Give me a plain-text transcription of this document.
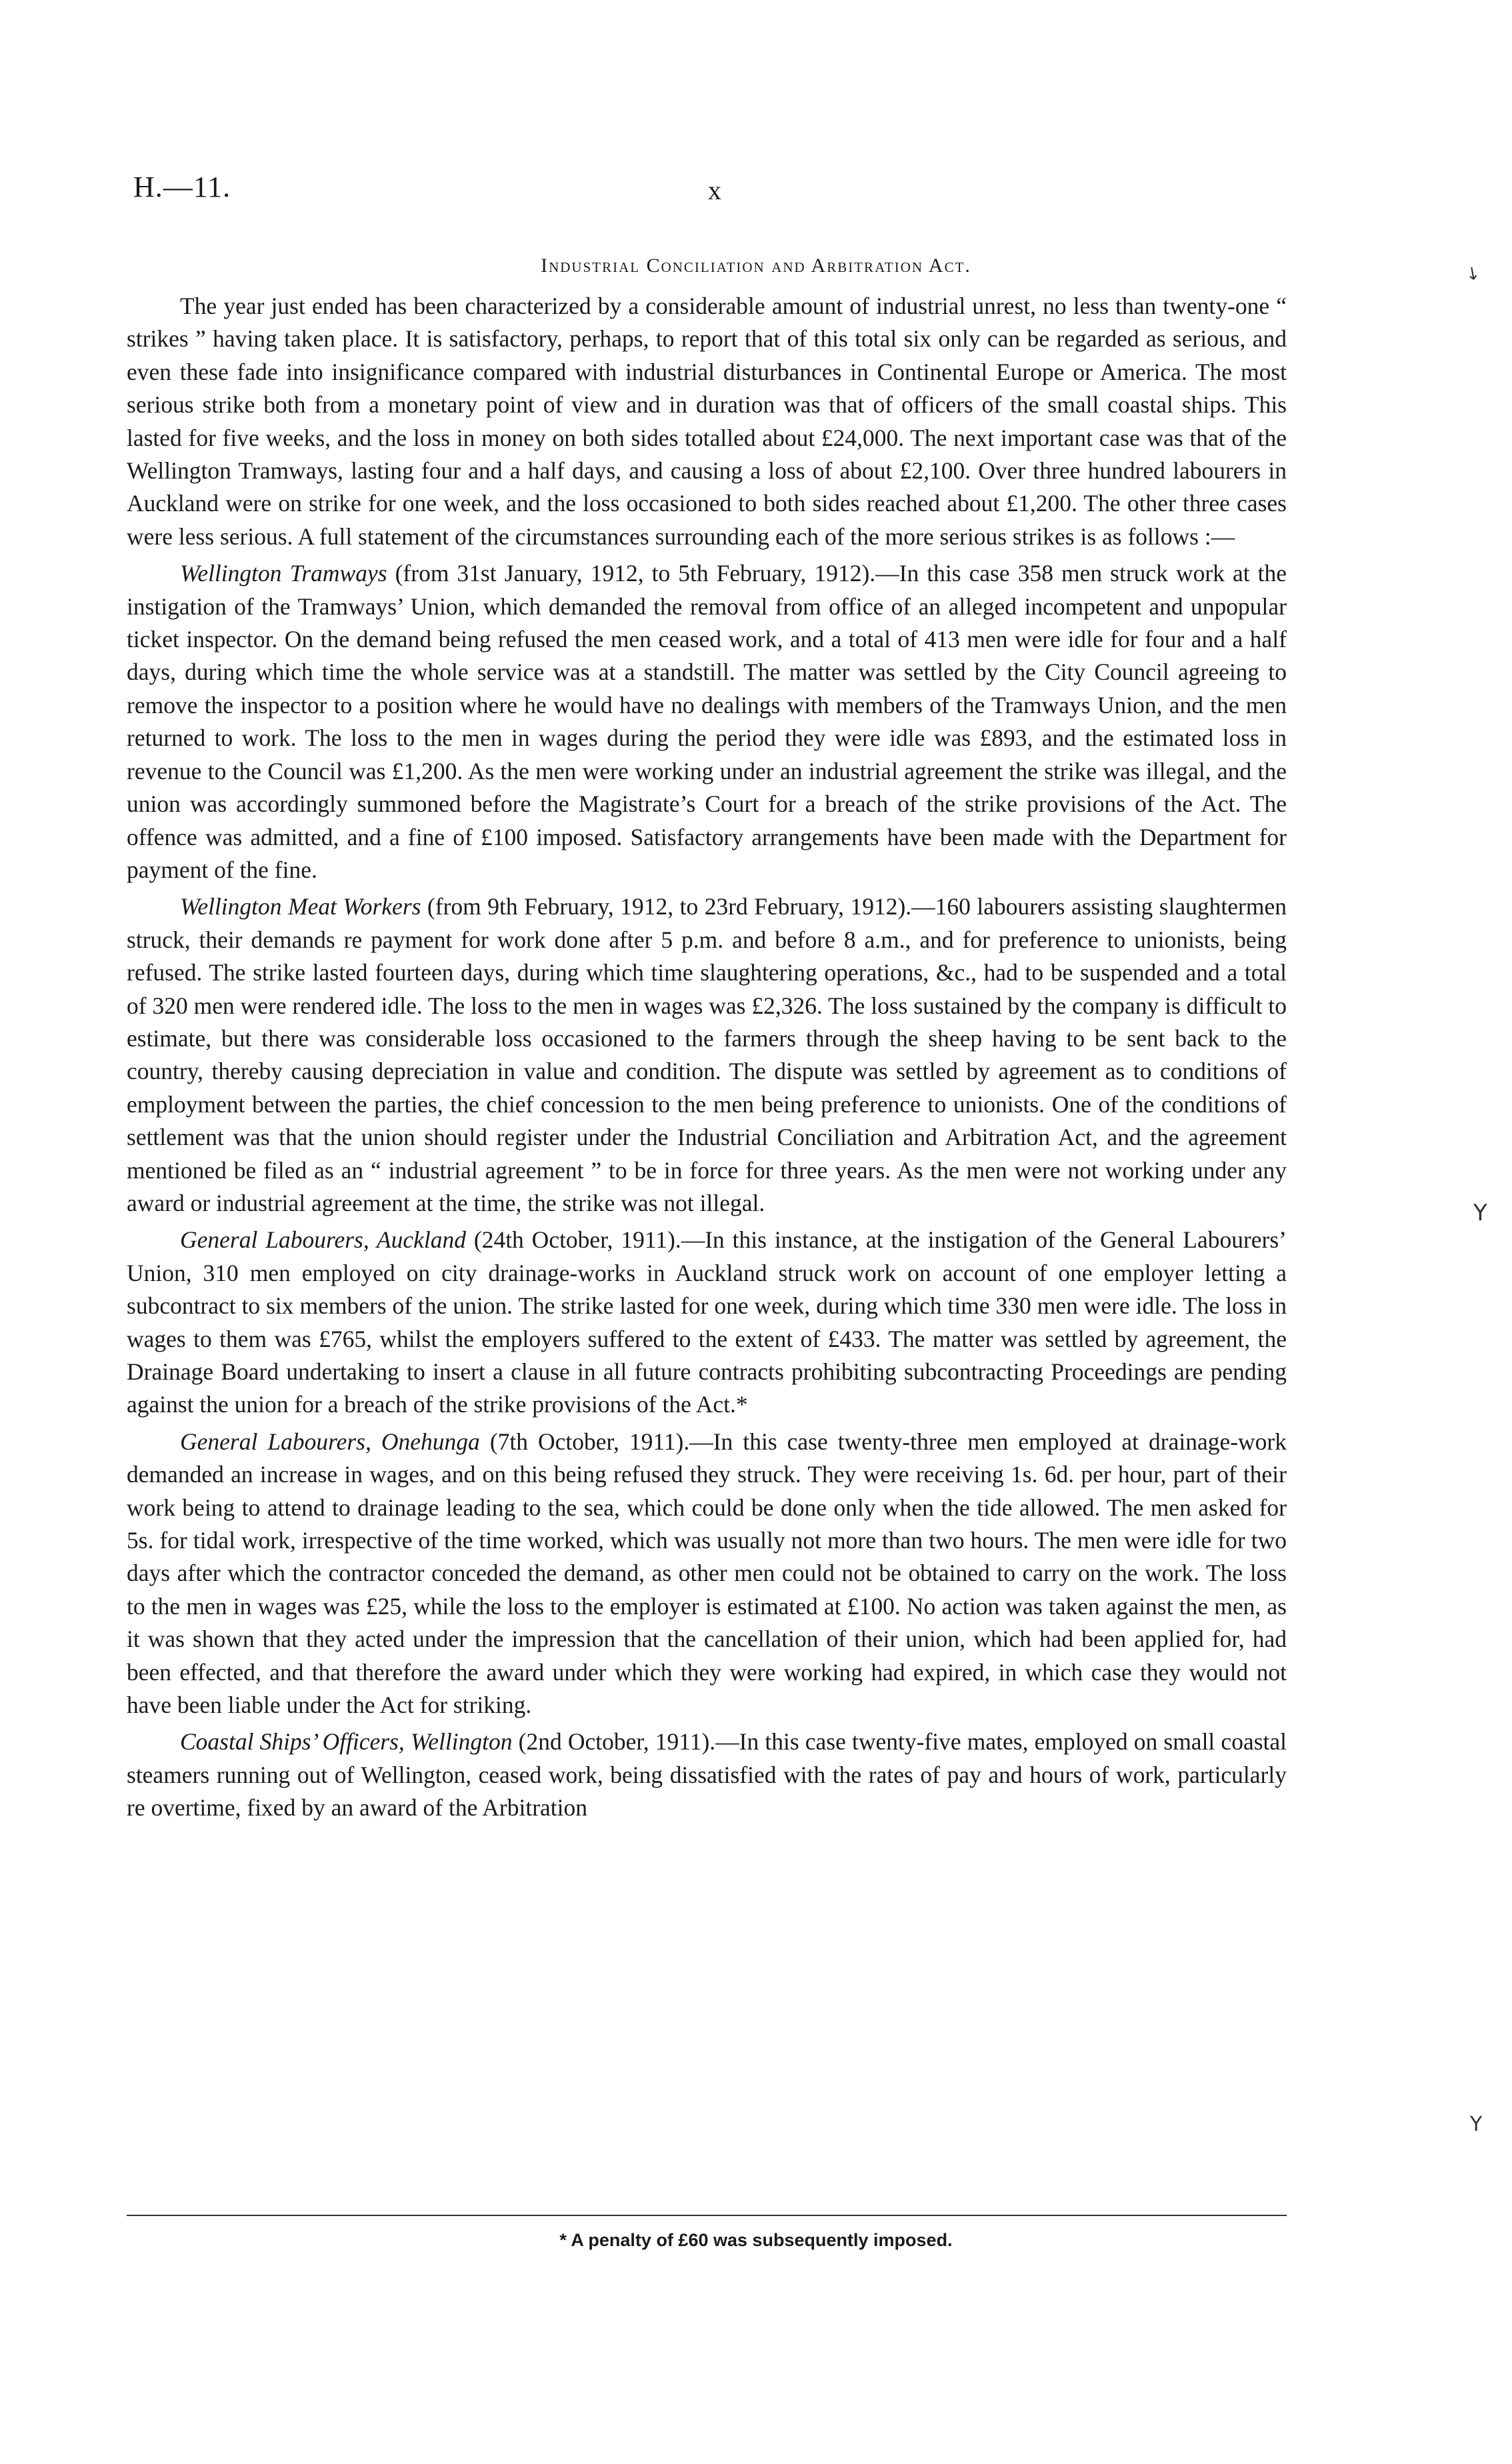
H.—11.	x
Industrial Conciliation and Arbitration Act.

The year just ended has been characterized by a considerable amount of industrial unrest, no less than twenty-one “ strikes ” having taken place. It is satisfactory, perhaps, to report that of this total six only can be regarded as serious, and even these fade into insignificance compared with industrial disturbances in Continental Europe or America. The most serious strike both from a monetary point of view and in duration was that of officers of the small coastal ships. This lasted for five weeks, and the loss in money on both sides totalled about £24,000. The next important case was that of the Wellington Tramways, lasting four and a half days, and causing a loss of about £2,100. Over three hundred labourers in Auckland were on strike for one week, and the loss occasioned to both sides reached about £1,200. The other three cases were less serious. A full statement of the circumstances surrounding each of the more serious strikes is as follows :—

Wellington Tramways (from 31st January, 1912, to 5th February, 1912).—In this case 358 men struck work at the instigation of the Tramways’ Union, which demanded the removal from office of an alleged incompetent and unpopular ticket inspector. On the demand being refused the men ceased work, and a total of 413 men were idle for four and a half days, during which time the whole service was at a standstill. The matter was settled by the City Council agreeing to remove the inspector to a position where he would have no dealings with members of the Tramways Union, and the men returned to work. The loss to the men in wages during the period they were idle was £893, and the estimated loss in revenue to the Council was £1,200. As the men were working under an industrial agreement the strike was illegal, and the union was accordingly summoned before the Magistrate’s Court for a breach of the strike provisions of the Act. The offence was admitted, and a fine of £100 imposed. Satisfactory arrangements have been made with the Department for payment of the fine.

Wellington Meat Workers (from 9th February, 1912, to 23rd February, 1912).—160 labourers assisting slaughtermen struck, their demands re payment for work done after 5 p.m. and before 8 a.m., and for preference to unionists, being refused. The strike lasted fourteen days, during which time slaughtering operations, &c., had to be suspended and a total of 320 men were rendered idle. The loss to the men in wages was £2,326. The loss sustained by the company is difficult to estimate, but there was considerable loss occasioned to the farmers through the sheep having to be sent back to the country, thereby causing depreciation in value and condition. The dispute was settled by agreement as to conditions of employment between the parties, the chief concession to the men being preference to unionists. One of the conditions of settlement was that the union should register under the Industrial Conciliation and Arbitration Act, and the agreement mentioned be filed as an “ industrial agreement ” to be in force for three years. As the men were not working under any award or industrial agreement at the time, the strike was not illegal.

General Labourers, Auckland (24th October, 1911).—In this instance, at the instigation of the General Labourers’ Union, 310 men employed on city drainage-works in Auckland struck work on account of one employer letting a subcontract to six members of the union. The strike lasted for one week, during which time 330 men were idle. The loss in wages to them was £765, whilst the employers suffered to the extent of £433. The matter was settled by agreement, the Drainage Board undertaking to insert a clause in all future contracts prohibiting subcontracting Proceedings are pending against the union for a breach of the strike provisions of the Act.*

General Labourers, Onehunga (7th October, 1911).—In this case twenty-three men employed at drainage-work demanded an increase in wages, and on this being refused they struck. They were receiving 1s. 6d. per hour, part of their work being to attend to drainage leading to the sea, which could be done only when the tide allowed. The men asked for 5s. for tidal work, irrespective of the time worked, which was usually not more than two hours. The men were idle for two days after which the contractor conceded the demand, as other men could not be obtained to carry on the work. The loss to the men in wages was £25, while the loss to the employer is estimated at £100. No action was taken against the men, as it was shown that they acted under the impression that the cancellation of their union, which had been applied for, had been effected, and that therefore the award under which they were working had expired, in which case they would not have been liable under the Act for striking.

Coastal Ships’ Officers, Wellington (2nd October, 1911).—In this case twenty-five mates, employed on small coastal steamers running out of Wellington, ceased work, being dissatisfied with the rates of pay and hours of work, particularly re overtime, fixed by an award of the Arbitration

* A penalty of £60 was subsequently imposed.
↘
Υ
Υ
